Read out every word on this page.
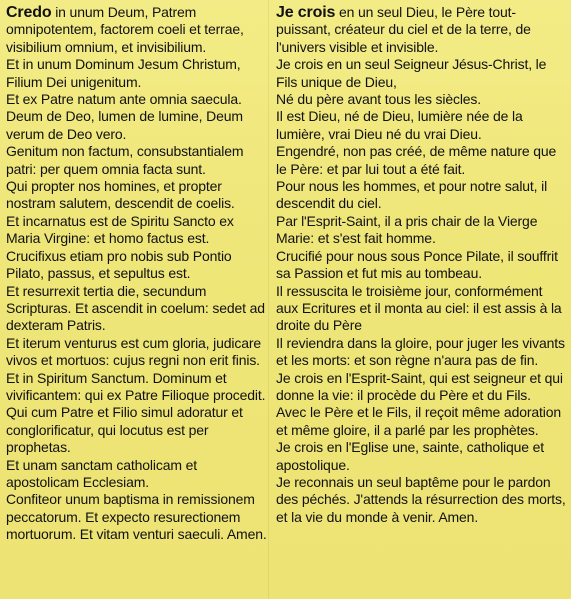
Credo in unum Deum, Patrem omnipotentem, factorem coeli et terrae, visibilium omnium, et invisibilium.

Et in unum Dominum Jesum Christum, Filium Dei unigenitum.

Et ex Patre natum ante omnia saecula.

Deum de Deo, lumen de lumine, Deum verum de Deo vero.

Genitum non factum, consubstantialem patri: per quem omnia facta sunt.

Qui propter nos homines, et propter nostram salutem, descendit de coelis.

Et incarnatus est de Spiritu Sancto ex Maria Virgine: et homo factus est.

Crucifixus etiam pro nobis sub Pontio Pilato, passus, et sepultus est.

Et resurrexit tertia die, secundum Scripturas. Et ascendit in coelum: sedet ad dexteram Patris.

Et iterum venturus est cum gloria, judicare vivos et mortuos: cujus regni non erit finis.

Et in Spiritum Sanctum. Dominum et vivificantem: qui ex Patre Filioque procedit.

Qui cum Patre et Filio simul adoratur et conglorificatur, qui locutus est per prophetas.

Et unam sanctam catholicam et apostolicam Ecclesiam.

Confiteor unum baptisma in remissionem peccatorum. Et expecto resurectionem mortuorum. Et vitam venturi saeculi. Amen.

Je crois en un seul Dieu, le Père tout-puissant, créateur du ciel et de la terre, de l'univers visible et invisible.

Je crois en un seul Seigneur Jésus-Christ, le Fils unique de Dieu,

Né du père avant tous les siècles.

Il est Dieu, né de Dieu, lumière née de la lumière, vrai Dieu né du vrai Dieu.

Engendré, non pas créé, de même nature que le Père: et par lui tout a été fait.

Pour nous les hommes, et pour notre salut, il descendit du ciel.

Par l'Esprit-Saint, il a pris chair de la Vierge Marie: et s'est fait homme.

Crucifié pour nous sous Ponce Pilate, il souffrit sa Passion et fut mis au tombeau.

Il ressuscita le troisième jour, conformément aux Ecritures et il monta au ciel: il est assis à la droite du Père

Il reviendra dans la gloire, pour juger les vivants et les morts: et son règne n'aura pas de fin.

Je crois en l'Esprit-Saint, qui est seigneur et qui donne la vie: il procède du Père et du Fils.

Avec le Père et le Fils, il reçoit même adoration et même gloire, il a parlé par les prophètes.

Je crois en l'Eglise une, sainte, catholique et apostolique.

Je reconnais un seul baptême pour le pardon des péchés. J'attends la résurrection des morts, et la vie du monde à venir. Amen.
